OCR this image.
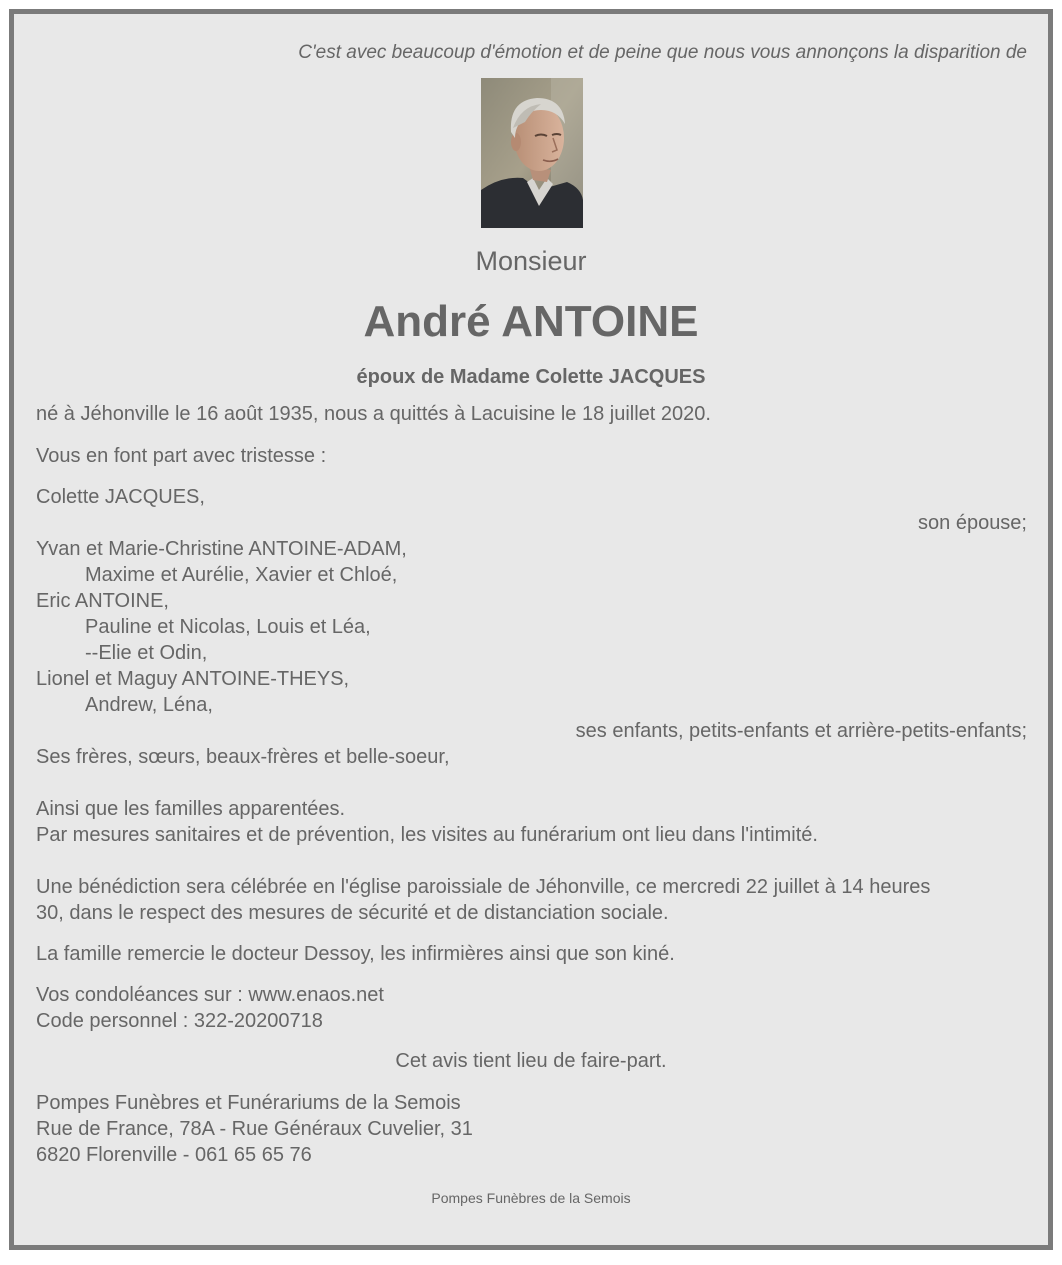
C'est avec beaucoup d'émotion et de peine que nous vous annonçons la disparition de
Monsieur
André ANTOINE
époux de Madame Colette JACQUES
né à Jéhonville le 16 août 1935, nous a quittés à Lacuisine le 18 juillet 2020.
Vous en font part avec tristesse :
Colette JACQUES,
son épouse;
Yvan et Marie-Christine ANTOINE-ADAM,
Maxime et Aurélie, Xavier et Chloé,
Eric ANTOINE,
Pauline et Nicolas, Louis et Léa,
--Elie et Odin,
Lionel et Maguy ANTOINE-THEYS,
Andrew, Léna,
ses enfants, petits-enfants et arrière-petits-enfants;
Ses frères, sœurs, beaux-frères et belle-soeur,
Ainsi que les familles apparentées.
Par mesures sanitaires et de prévention, les visites au funérarium ont lieu dans l'intimité.
Une bénédiction sera célébrée en l'église paroissiale de Jéhonville, ce mercredi 22 juillet à 14 heures
30, dans le respect des mesures de sécurité et de distanciation sociale.
La famille remercie le docteur Dessoy, les infirmières ainsi que son kiné.
Vos condoléances sur : www.enaos.net
Code personnel : 322-20200718
Cet avis tient lieu de faire-part.
Pompes Funèbres et Funérariums de la Semois
Rue de France, 78A - Rue Généraux Cuvelier, 31
6820 Florenville - 061 65 65 76
Pompes Funèbres de la Semois
